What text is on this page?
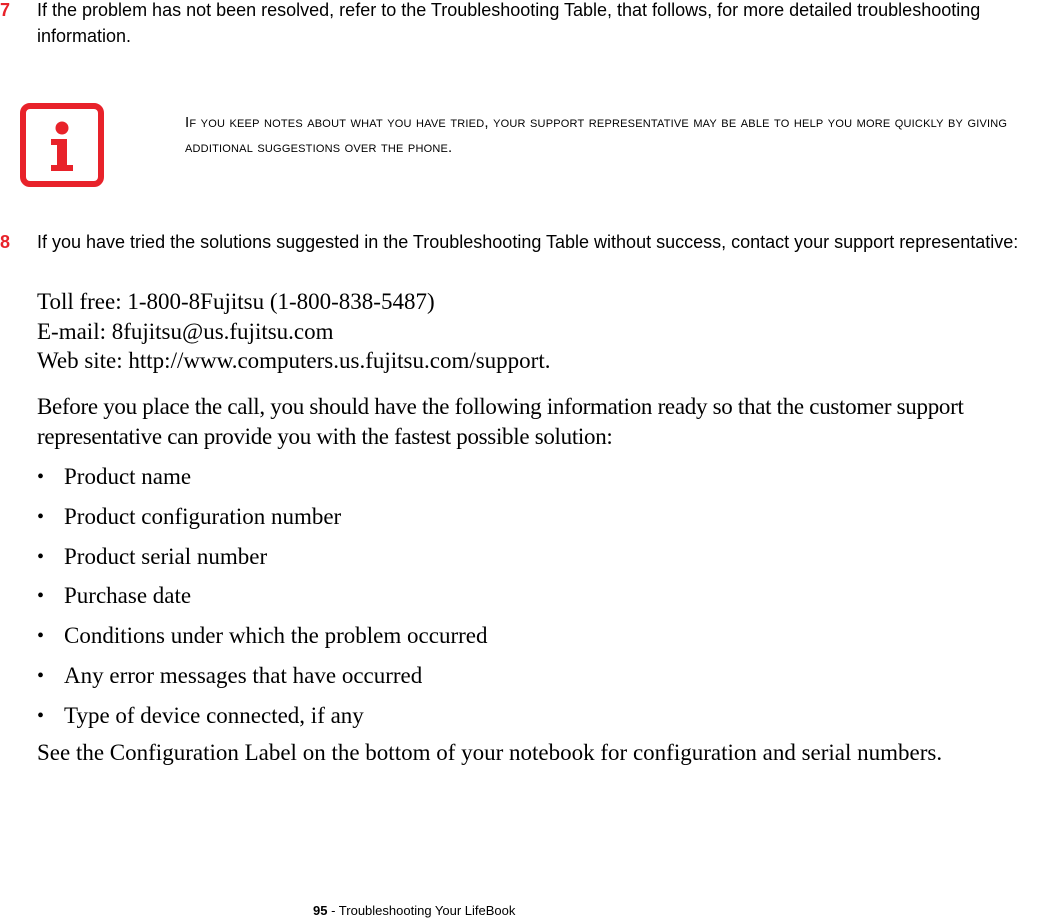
7 If the problem has not been resolved, refer to the Troubleshooting Table, that follows, for more detailed troubleshooting information.
If you keep notes about what you have tried, your support representative may be able to help you more quickly by giving additional suggestions over the phone.
8 If you have tried the solutions suggested in the Troubleshooting Table without success, contact your support representative:
Toll free: 1-800-8Fujitsu (1-800-838-5487)
E-mail: 8fujitsu@us.fujitsu.com
Web site: http://www.computers.us.fujitsu.com/support.
Before you place the call, you should have the following information ready so that the customer support representative can provide you with the fastest possible solution:
• Product name
• Product configuration number
• Product serial number
• Purchase date
• Conditions under which the problem occurred
• Any error messages that have occurred
• Type of device connected, if any
See the Configuration Label on the bottom of your notebook for configuration and serial numbers.
95 - Troubleshooting Your LifeBook
